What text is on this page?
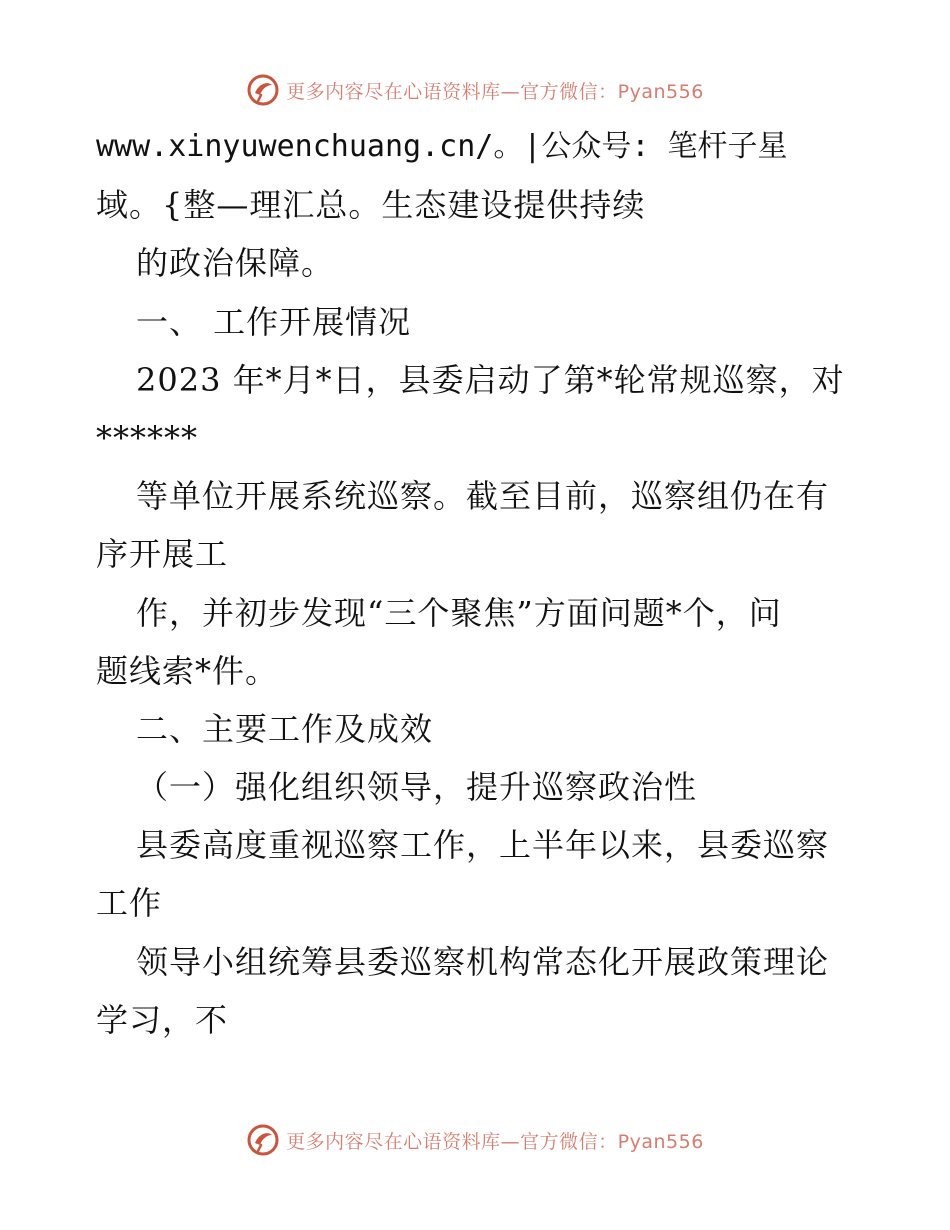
更多内容尽在心语资料库—官方微信：Pyan556
www.xinyuwenchuang.cn/。|公众号: 笔杆子星
域。{整—理汇总。生态建设提供持续
的政治保障。
一、 工作开展情况
2023 年*月*日，县委启动了第*轮常规巡察，对
******
等单位开展系统巡察。截至目前，巡察组仍在有
序开展工
作，并初步发现“三个聚焦”方面问题*个，问
题线索*件。
二、主要工作及成效
（一）强化组织领导，提升巡察政治性
县委高度重视巡察工作，上半年以来，县委巡察
工作
领导小组统筹县委巡察机构常态化开展政策理论
学习，不
更多内容尽在心语资料库—官方微信：Pyan556
